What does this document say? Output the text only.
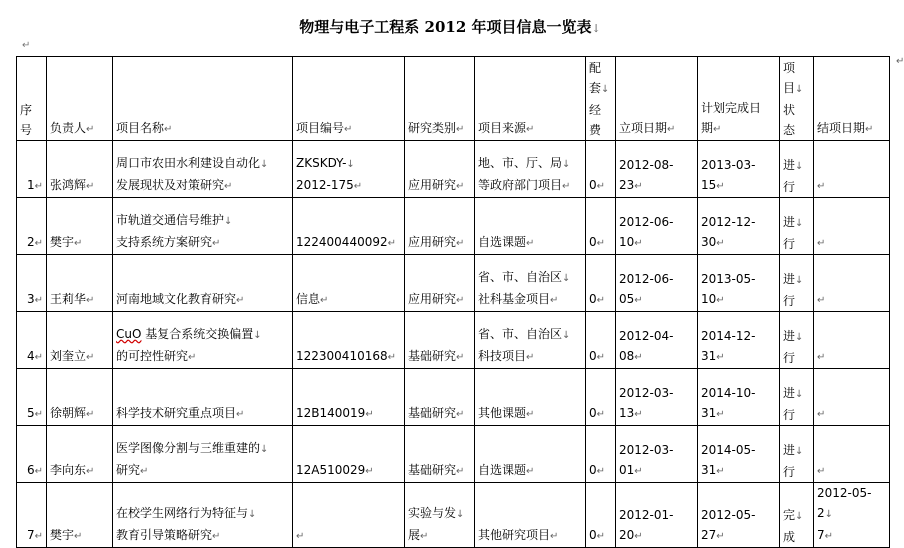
物理与电子工程系 2012 年项目信息一览表↓
↵
序
号	负责人↵	项目名称↵	项目编号↵	研究类别↵	项目来源↵	配
套↓
经
费	立项日期↵	计划完成日
期↵	项
目↓
状
态	结项日期↵
1↵	张鸿辉↵	周口市农田水利建设自动化↓
发展现状及对策研究↵	ZKSKDY-↓
2012-175↵	应用研究↵	地、市、厅、局↓
等政府部门项目↵	0↵	2012-08-23↵	2013-03-15↵	进↓
行	↵
2↵	樊宇↵	市轨道交通信号维护↓
支持系统方案研究↵	122400440092↵	应用研究↵	自选课题↵	0↵	2012-06-10↵	2012-12-30↵	进↓
行	↵
3↵	王莉华↵	河南地域文化教育研究↵	信息↵	应用研究↵	省、市、自治区↓
社科基金项目↵	0↵	2012-06-05↵	2013-05-10↵	进↓
行	↵
4↵	刘奎立↵	CuO 基复合系统交换偏置↓
的可控性研究↵	122300410168↵	基础研究↵	省、市、自治区↓
科技项目↵	0↵	2012-04-08↵	2014-12-31↵	进↓
行	↵
5↵	徐朝辉↵	科学技术研究重点项目↵	12B140019↵	基础研究↵	其他课题↵	0↵	2012-03-13↵	2014-10-31↵	进↓
行	↵
6↵	李向东↵	医学图像分割与三维重建的↓
研究↵	12A510029↵	基础研究↵	自选课题↵	0↵	2012-03-01↵	2014-05-31↵	进↓
行	↵
7↵	樊宇↵	在校学生网络行为特征与↓
教育引导策略研究↵	↵	实验与发↓
展↵	其他研究项目↵	0↵	2012-01-20↵	2012-05-27↵	完↓
成	2012-05-2↓
7↵
↵
